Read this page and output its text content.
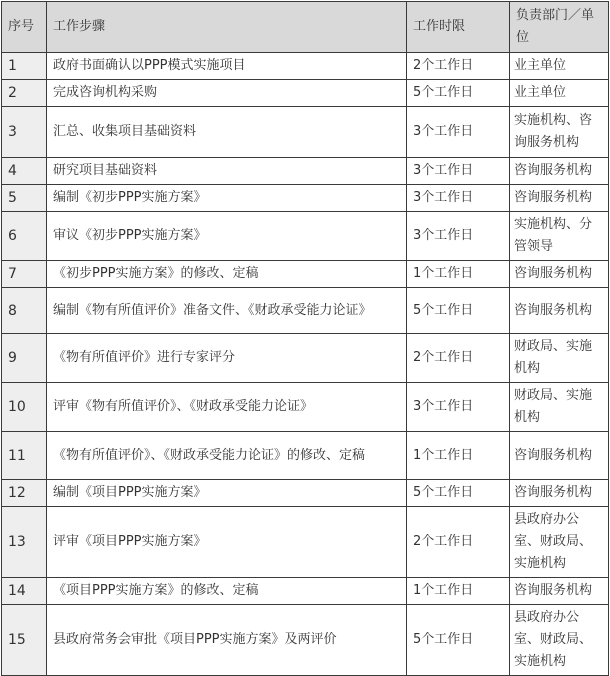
序号	工作步骤	工作时限	负责部门／单位
1	政府书面确认以PPP模式实施项目	2个工作日	业主单位
2	完成咨询机构采购	5个工作日	业主单位
3	汇总、收集项目基础资料	3个工作日	实施机构、咨询服务机构
4	研究项目基础资料	3个工作日	咨询服务机构
5	编制《初步PPP实施方案》	3个工作日	咨询服务机构
6	审议《初步PPP实施方案》	3个工作日	实施机构、分管领导
7	《初步PPP实施方案》的修改、定稿	1个工作日	咨询服务机构
8	编制《物有所值评价》准备文件、《财政承受能力论证》	5个工作日	咨询服务机构
9	《物有所值评价》进行专家评分	2个工作日	财政局、实施机构
10	评审《物有所值评价》、《财政承受能力论证》	3个工作日	财政局、实施机构
11	《物有所值评价》、《财政承受能力论证》的修改、定稿	1个工作日	咨询服务机构
12	编制《项目PPP实施方案》	5个工作日	咨询服务机构
13	评审《项目PPP实施方案》	2个工作日	县政府办公室、财政局、实施机构
14	《项目PPP实施方案》的修改、定稿	1个工作日	咨询服务机构
15	县政府常务会审批《项目PPP实施方案》及两评价	5个工作日	县政府办公室、财政局、实施机构
